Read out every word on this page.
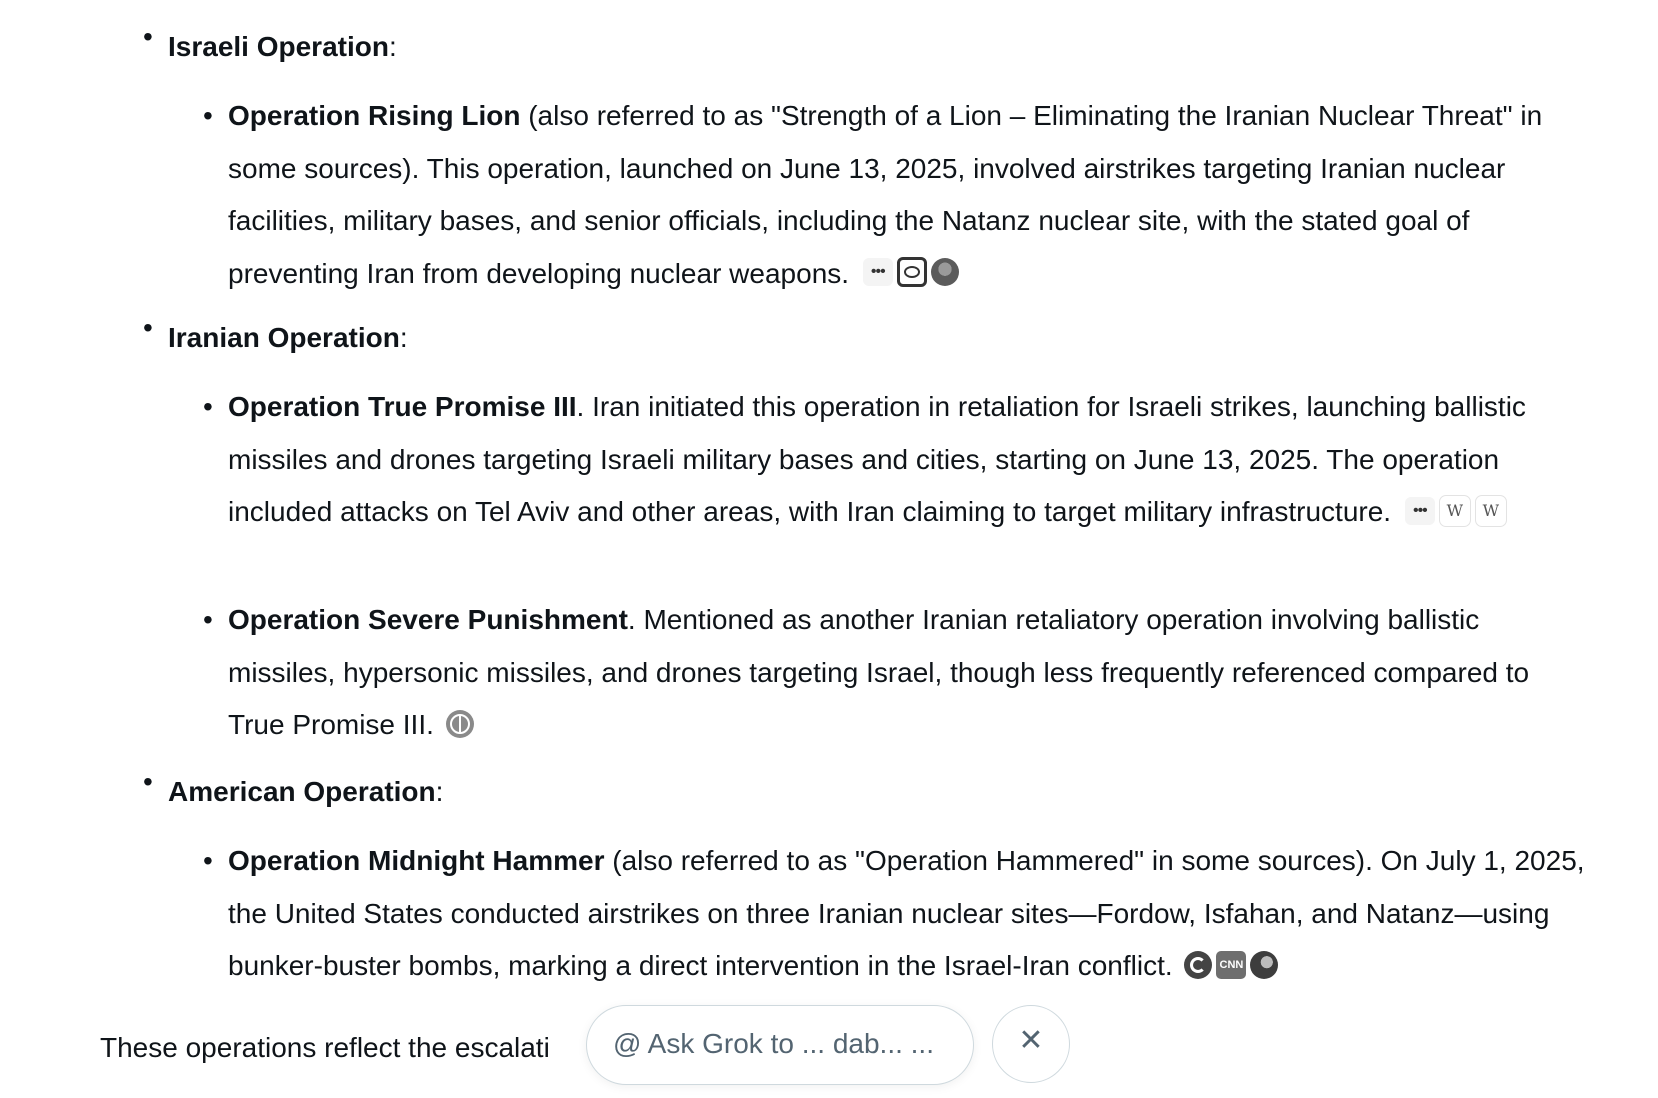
• Israeli Operation:

• Operation Rising Lion (also referred to as "Strength of a Lion – Eliminating the Iranian Nuclear Threat" in some sources). This operation, launched on June 13, 2025, involved airstrikes targeting Iranian nuclear facilities, military bases, and senior officials, including the Natanz nuclear site, with the stated goal of preventing Iran from developing nuclear weapons. •••
• Iranian Operation:

• Operation True Promise III. Iran initiated this operation in retaliation for Israeli strikes, launching ballistic missiles and drones targeting Israeli military bases and cities, starting on June 13, 2025. The operation included attacks on Tel Aviv and other areas, with Iran claiming to target military infrastructure. ••• W W
• Operation Severe Punishment. Mentioned as another Iranian retaliatory operation involving ballistic missiles, hypersonic missiles, and drones targeting Israel, though less frequently referenced compared to True Promise III.
• American Operation:

• Operation Midnight Hammer (also referred to as "Operation Hammered" in some sources). On July 1, 2025, the United States conducted airstrikes on three Iranian nuclear sites—Fordow, Isfahan, and Natanz—using bunker-buster bombs, marking a direct intervention in the Israel-Iran conflict.	CNN
These operations reflect the escalati	@ Ask Grok to ... dab... ...	✕
